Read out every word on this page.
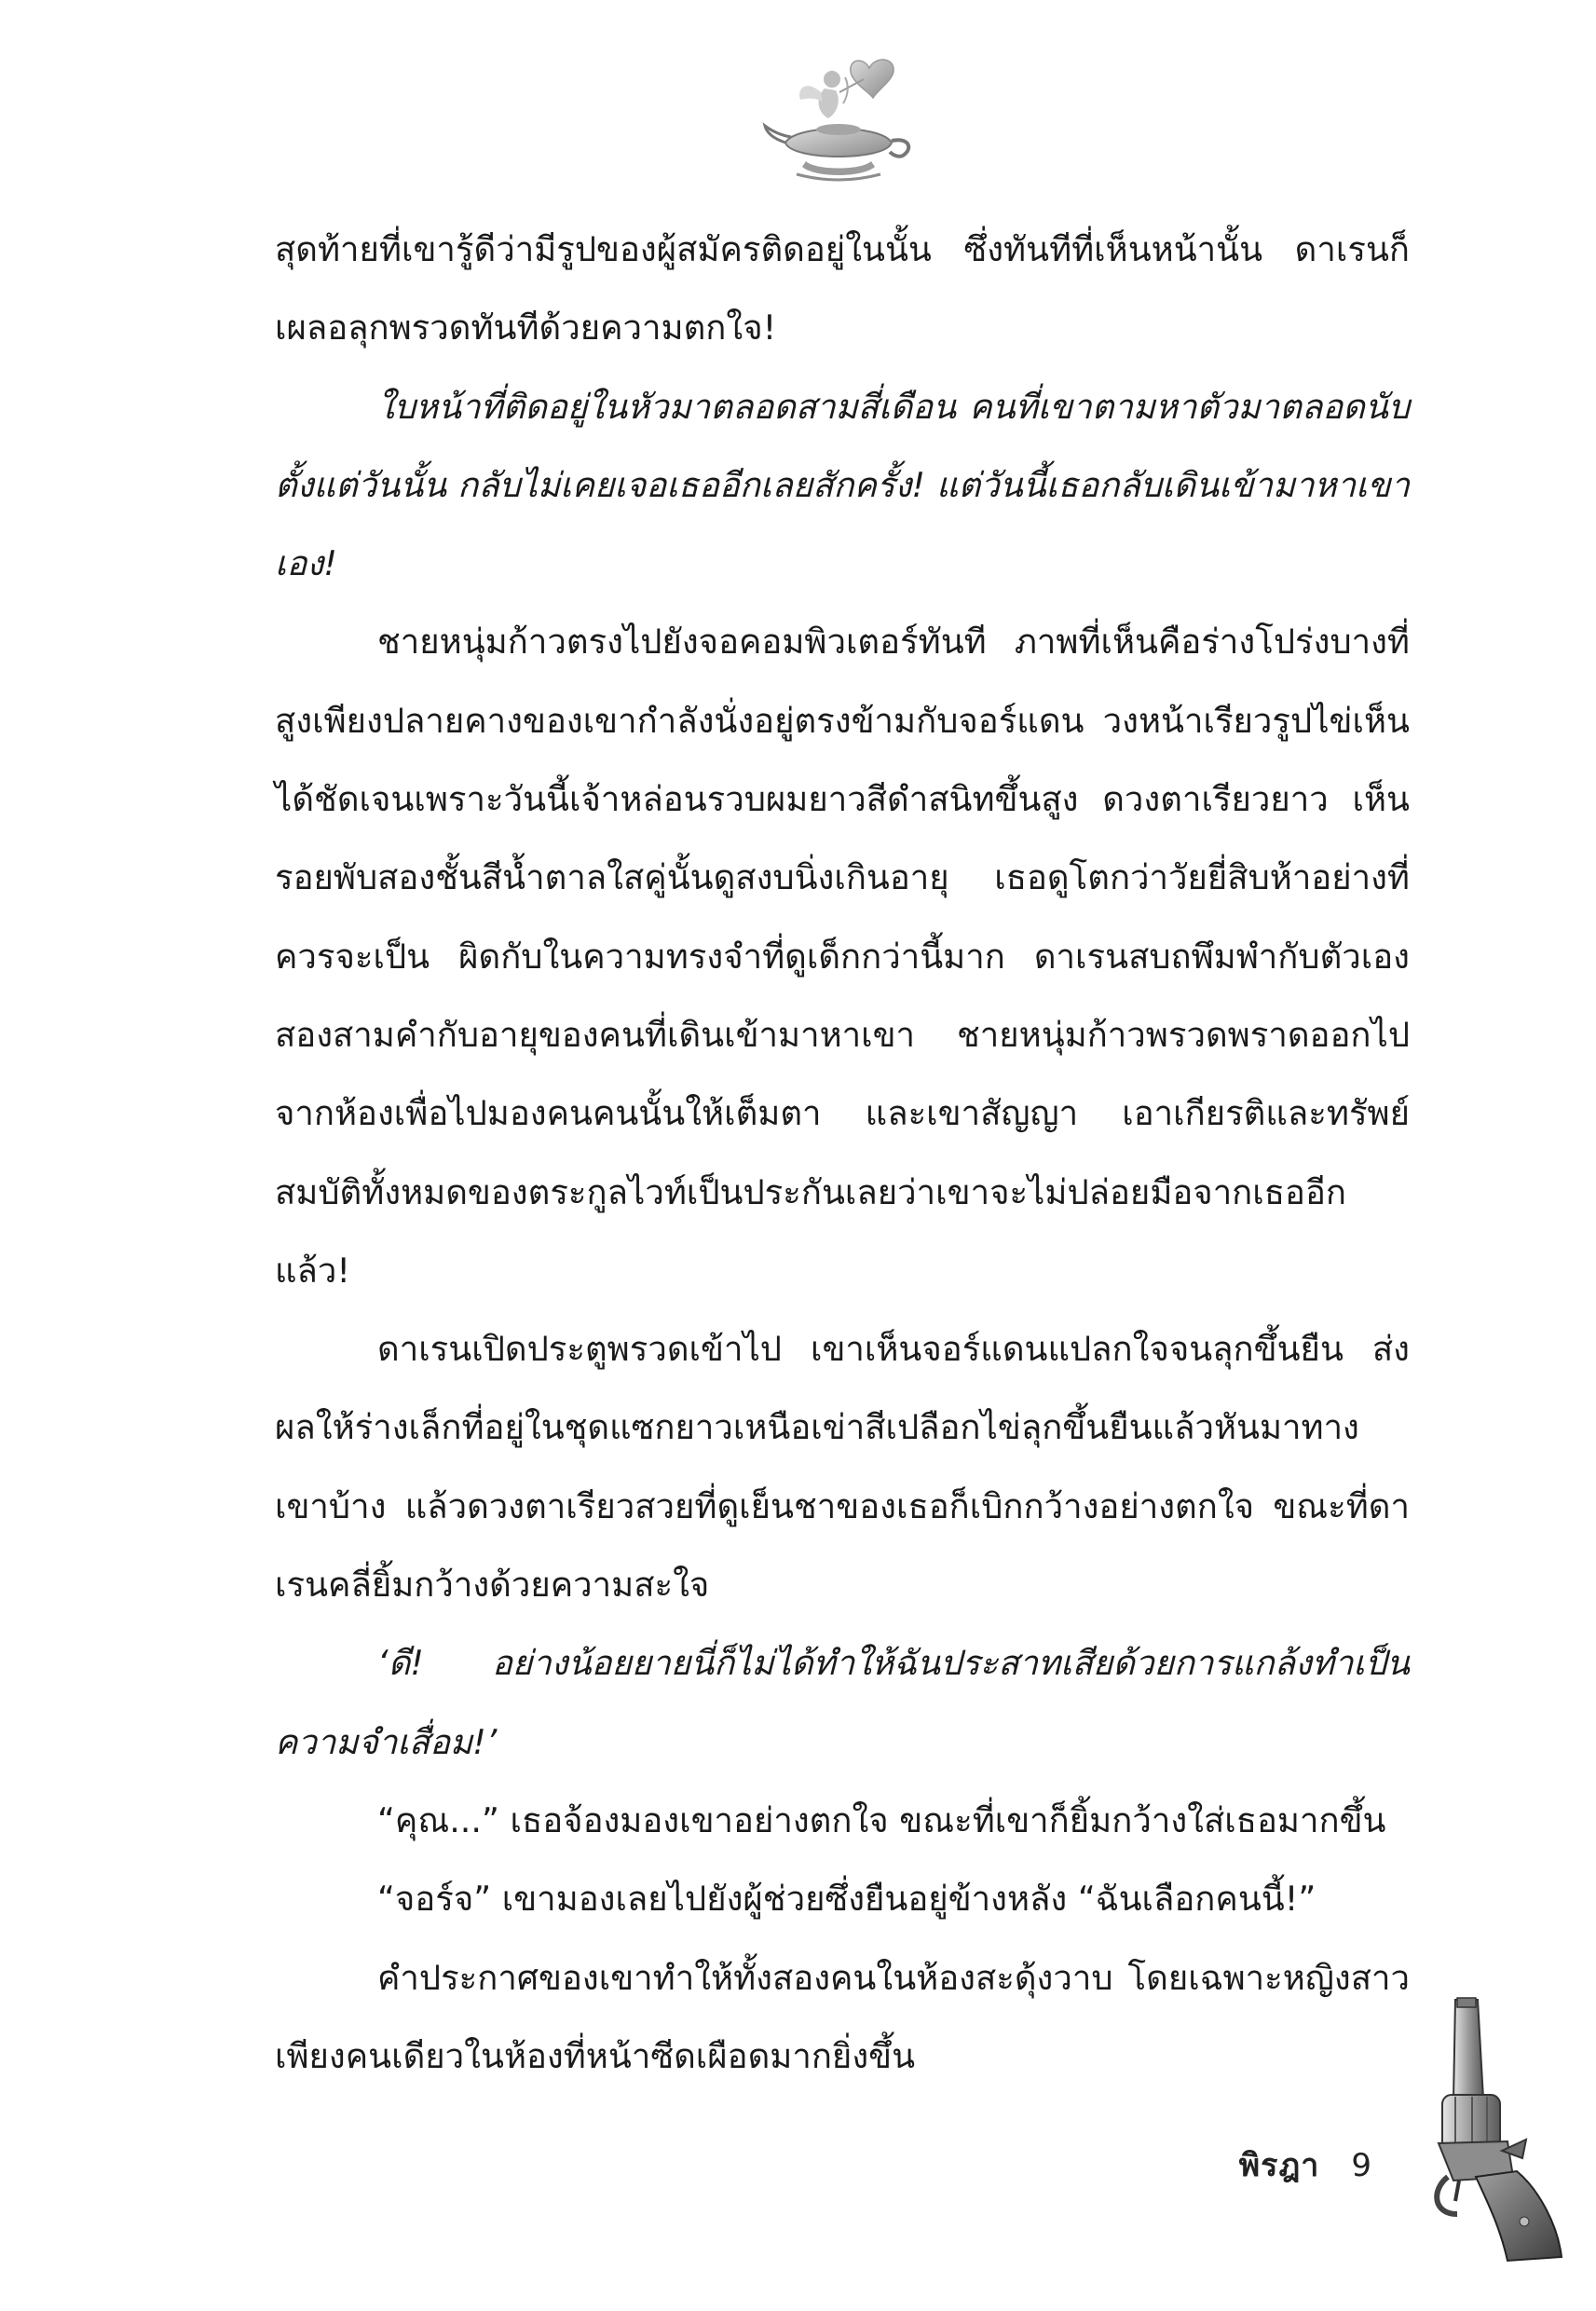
สุดท้ายที่เขารู้ดีว่ามีรูปของผู้สมัครติดอยู่ในนั้น ซึ่งทันทีที่เห็นหน้านั้น ดาเรนก็เผลอลุกพรวดทันทีด้วยความตกใจ!

ใบหน้าที่ติดอยู่ในหัวมาตลอดสามสี่เดือน คนที่เขาตามหาตัวมาตลอดนับตั้งแต่วันนั้น กลับไม่เคยเจอเธออีกเลยสักครั้ง! แต่วันนี้เธอกลับเดินเข้ามาหาเขาเอง!

ชายหนุ่มก้าวตรงไปยังจอคอมพิวเตอร์ทันที ภาพที่เห็นคือร่างโปร่งบางที่สูงเพียงปลายคางของเขากำลังนั่งอยู่ตรงข้ามกับจอร์แดน วงหน้าเรียวรูปไข่เห็นได้ชัดเจนเพราะวันนี้เจ้าหล่อนรวบผมยาวสีดำสนิทขึ้นสูง ดวงตาเรียวยาว เห็นรอยพับสองชั้นสีน้ำตาลใสคู่นั้นดูสงบนิ่งเกินอายุ เธอดูโตกว่าวัยยี่สิบห้าอย่างที่ควรจะเป็น ผิดกับในความทรงจำที่ดูเด็กกว่านี้มาก ดาเรนสบถพึมพำกับตัวเองสองสามคำกับอายุของคนที่เดินเข้ามาหาเขา ชายหนุ่มก้าวพรวดพราดออกไปจากห้องเพื่อไปมองคนคนนั้นให้เต็มตา และเขาสัญญา เอาเกียรติและทรัพย์สมบัติทั้งหมดของตระกูลไวท์เป็นประกันเลยว่าเขาจะไม่ปล่อยมือจากเธออีกแล้ว!

ดาเรนเปิดประตูพรวดเข้าไป เขาเห็นจอร์แดนแปลกใจจนลุกขึ้นยืน ส่งผลให้ร่างเล็กที่อยู่ในชุดแซกยาวเหนือเข่าสีเปลือกไข่ลุกขึ้นยืนแล้วหันมาทางเขาบ้าง แล้วดวงตาเรียวสวยที่ดูเย็นชาของเธอก็เบิกกว้างอย่างตกใจ ขณะที่ดาเรนคลี่ยิ้มกว้างด้วยความสะใจ

‘ดี! อย่างน้อยยายนี่ก็ไม่ได้ทำให้ฉันประสาทเสียด้วยการแกล้งทำเป็นความจำเสื่อม!’

“คุณ...” เธอจ้องมองเขาอย่างตกใจ ขณะที่เขาก็ยิ้มกว้างใส่เธอมากขึ้น

“จอร์จ” เขามองเลยไปยังผู้ช่วยซึ่งยืนอยู่ข้างหลัง “ฉันเลือกคนนี้!”

คำประกาศของเขาทำให้ทั้งสองคนในห้องสะดุ้งวาบ โดยเฉพาะหญิงสาวเพียงคนเดียวในห้องที่หน้าซีดเผือดมากยิ่งขึ้น

พิรฎา 9
